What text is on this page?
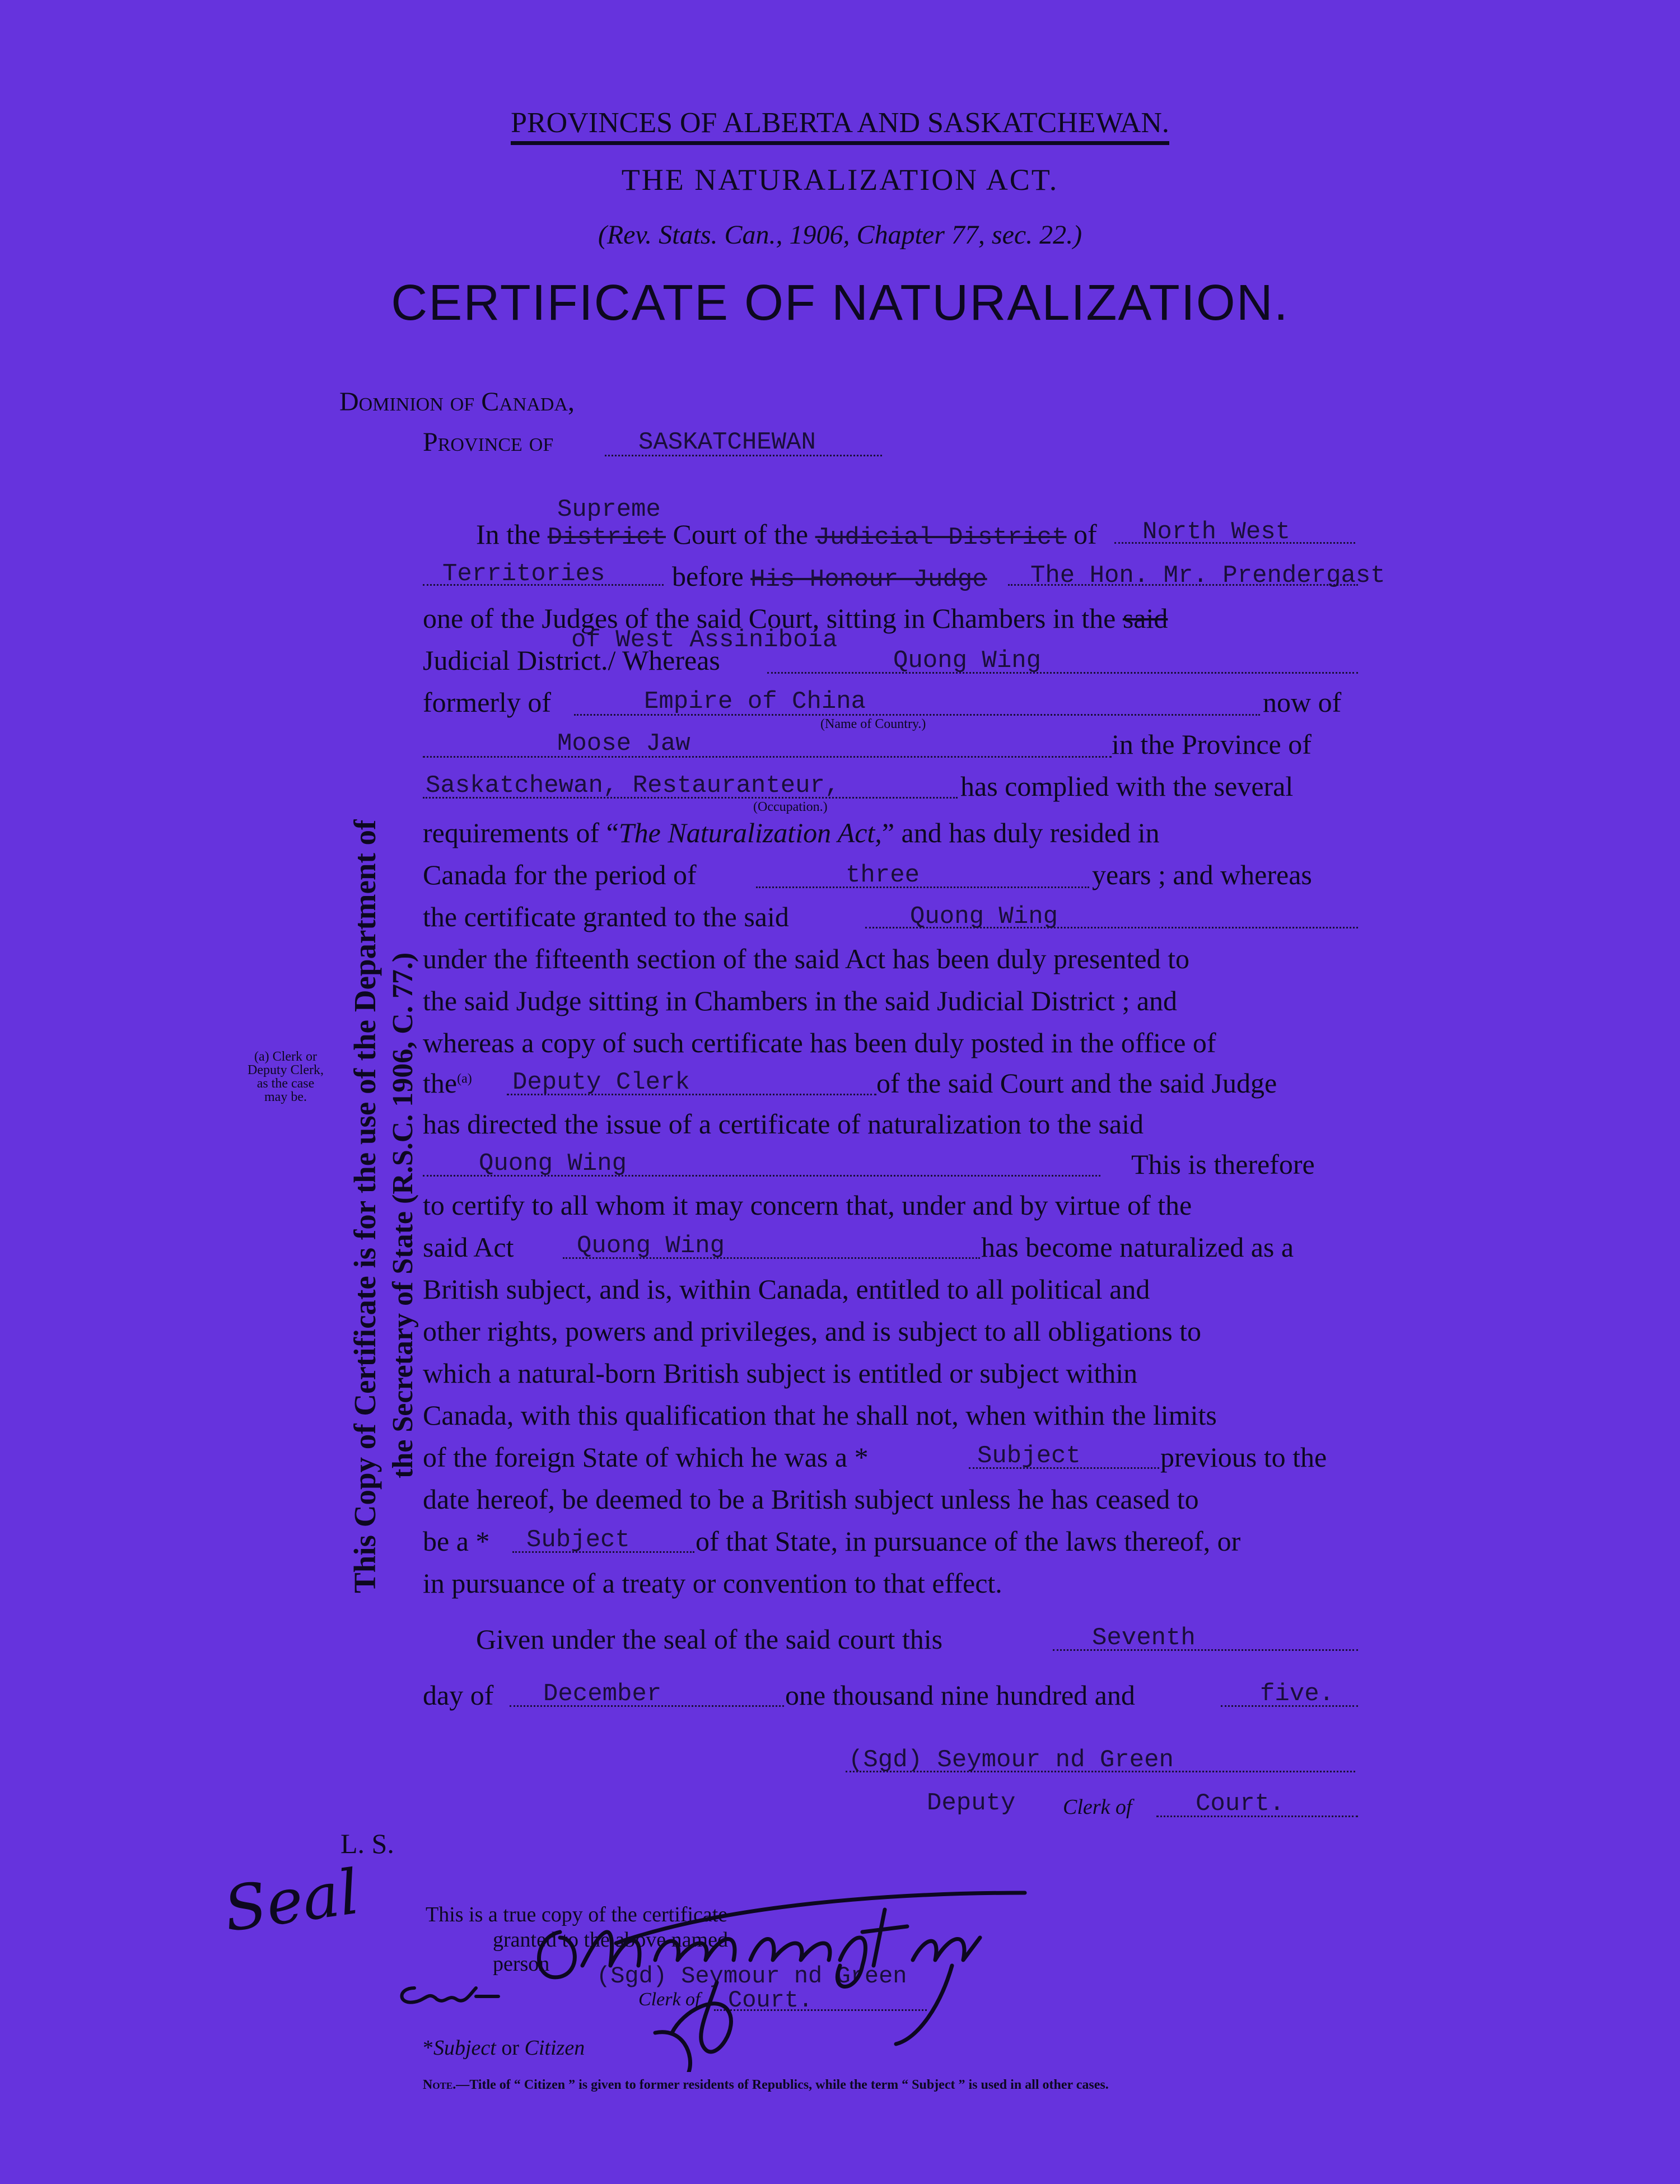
PROVINCES OF ALBERTA AND SASKATCHEWAN.
THE NATURALIZATION ACT.
(Rev. Stats. Can., 1906, Chapter 77, sec. 22.)
CERTIFICATE OF NATURALIZATION.
Dominion of Canada,
Province of	SASKATCHEWAN
This Copy of Certificate is for the use of the Department of the Secretary of State (R.S.C. 1906, C. 77.)
(a) Clerk or
Deputy Clerk,
as the case
may be.
Supreme
In the District Court of the Judicial District of	North West
Territories before His Honour Judge The Hon. Mr. Prendergast
one of the Judges of the said Court, sitting in Chambers in the said
of West Assiniboia
Judicial District./ Whereas	Quong Wing
formerly of	Empire of China	now of
(Name of Country.)
Moose Jaw	in the Province of
Saskatchewan, Restauranteur,	has complied with the several
(Occupation.)
requirements of “The Naturalization Act,” and has duly resided in
Canada for the period of	three	years ; and whereas
the certificate granted to the said	Quong Wing
under the fifteenth section of the said Act has been duly presented to
the said Judge sitting in Chambers in the said Judicial District ; and
whereas a copy of such certificate has been duly posted in the office of
the$^{(a)}$	Deputy Clerk	of the said Court and the said Judge
has directed the issue of a certificate of naturalization to the said
Quong Wing	This is therefore
to certify to all whom it may concern that, under and by virtue of the
said Act	Quong Wing	has become naturalized as a
British subject, and is, within Canada, entitled to all political and
other rights, powers and privileges, and is subject to all obligations to
which a natural-born British subject is entitled or subject within
Canada, with this qualification that he shall not, when within the limits
of the foreign State of which he was a *	Subject	previous to the
date hereof, be deemed to be a British subject unless he has ceased to
be a *	Subject of that State, in pursuance of the laws thereof, or
in pursuance of a treaty or convention to that effect.
Given under the seal of the said court this	Seventh
day of	December	one thousand nine hundred and	five.
(Sgd) Seymour nd Green
Deputy Clerk of	Court.
L. S.
Seal	This is a true copy of the certificate
granted to the above named
person (Sgd) Seymour nd Green
Clerk of Court.
*Subject or Citizen
Note.—Title of “ Citizen ” is given to former residents of Republics, while the term “ Subject ” is used in all other cases.
